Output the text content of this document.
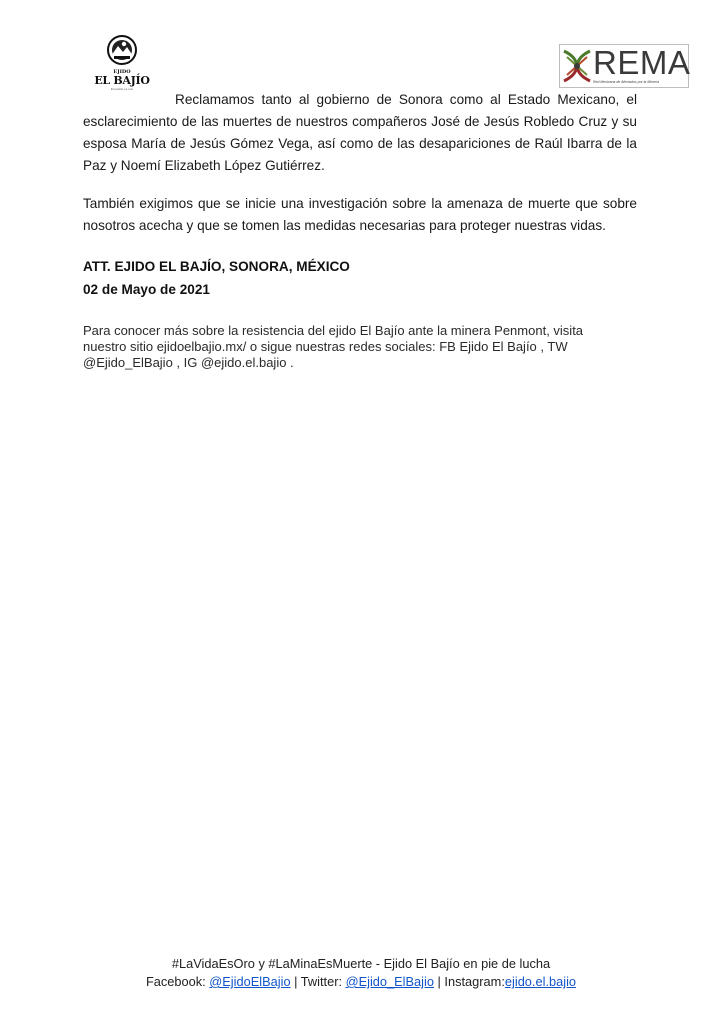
EJIDO
EL BAJÍO
El pueblo es uno
REMA
Red Mexicana de Afectados por la Minería

Reclamamos tanto al gobierno de Sonora como al Estado Mexicano, el esclarecimiento de las muertes de nuestros compañeros José de Jesús Robledo Cruz y su esposa María de Jesús Gómez Vega, así como de las desapariciones de Raúl Ibarra de la Paz y Noemí Elizabeth López Gutiérrez.

También exigimos que se inicie una investigación sobre la amenaza de muerte que sobre nosotros acecha y que se tomen las medidas necesarias para proteger nuestras vidas.

ATT. EJIDO EL BAJÍO, SONORA, MÉXICO
02 de Mayo de 2021

Para conocer más sobre la resistencia del ejido El Bajío ante la minera Penmont, visita nuestro sitio ejidoelbajio.mx/ o sigue nuestras redes sociales: FB Ejido El Bajío , TW @Ejido_ElBajio , IG @ejido.el.bajio .

#LaVidaEsOro y #LaMinaEsMuerte - Ejido El Bajío en pie de lucha
Facebook: @EjidoElBajio | Twitter: @Ejido_ElBajio | Instagram:ejido.el.bajio
